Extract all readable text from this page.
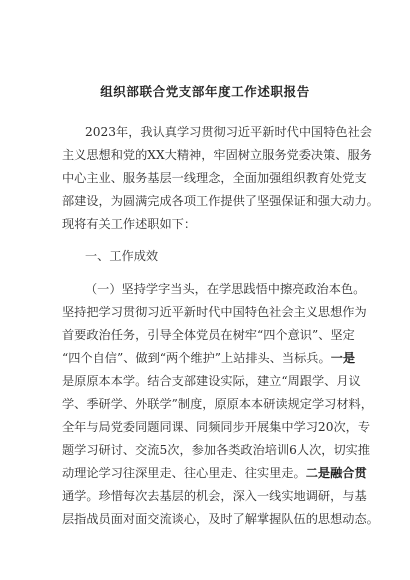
组织部联合党支部年度工作述职报告
2023年，我认真学习贯彻习近平新时代中国特色社会
主义思想和党的XX大精神，牢固树立服务党委决策、服务
中心主业、服务基层一线理念，全面加强组织教育处党支
部建设，为圆满完成各项工作提供了坚强保证和强大动力。
现将有关工作述职如下：
一、工作成效
（一）坚持学字当头，在学思践悟中擦亮政治本色。
坚持把学习贯彻习近平新时代中国特色社会主义思想作为
首要政治任务，引导全体党员在树牢“四个意识”、坚定
“四个自信”、做到“两个维护”上站排头、当标兵。一是
是原原本本学。结合支部建设实际，建立“周跟学、月议
学、季研学、外联学”制度，原原本本研读规定学习材料，
全年与局党委同题同课、同频同步开展集中学习20次，专
题学习研讨、交流5次，参加各类政治培训6人次，切实推
动理论学习往深里走、往心里走、往实里走。二是融合贯
通学。珍惜每次去基层的机会，深入一线实地调研，与基
层指战员面对面交流谈心，及时了解掌握队伍的思想动态。
